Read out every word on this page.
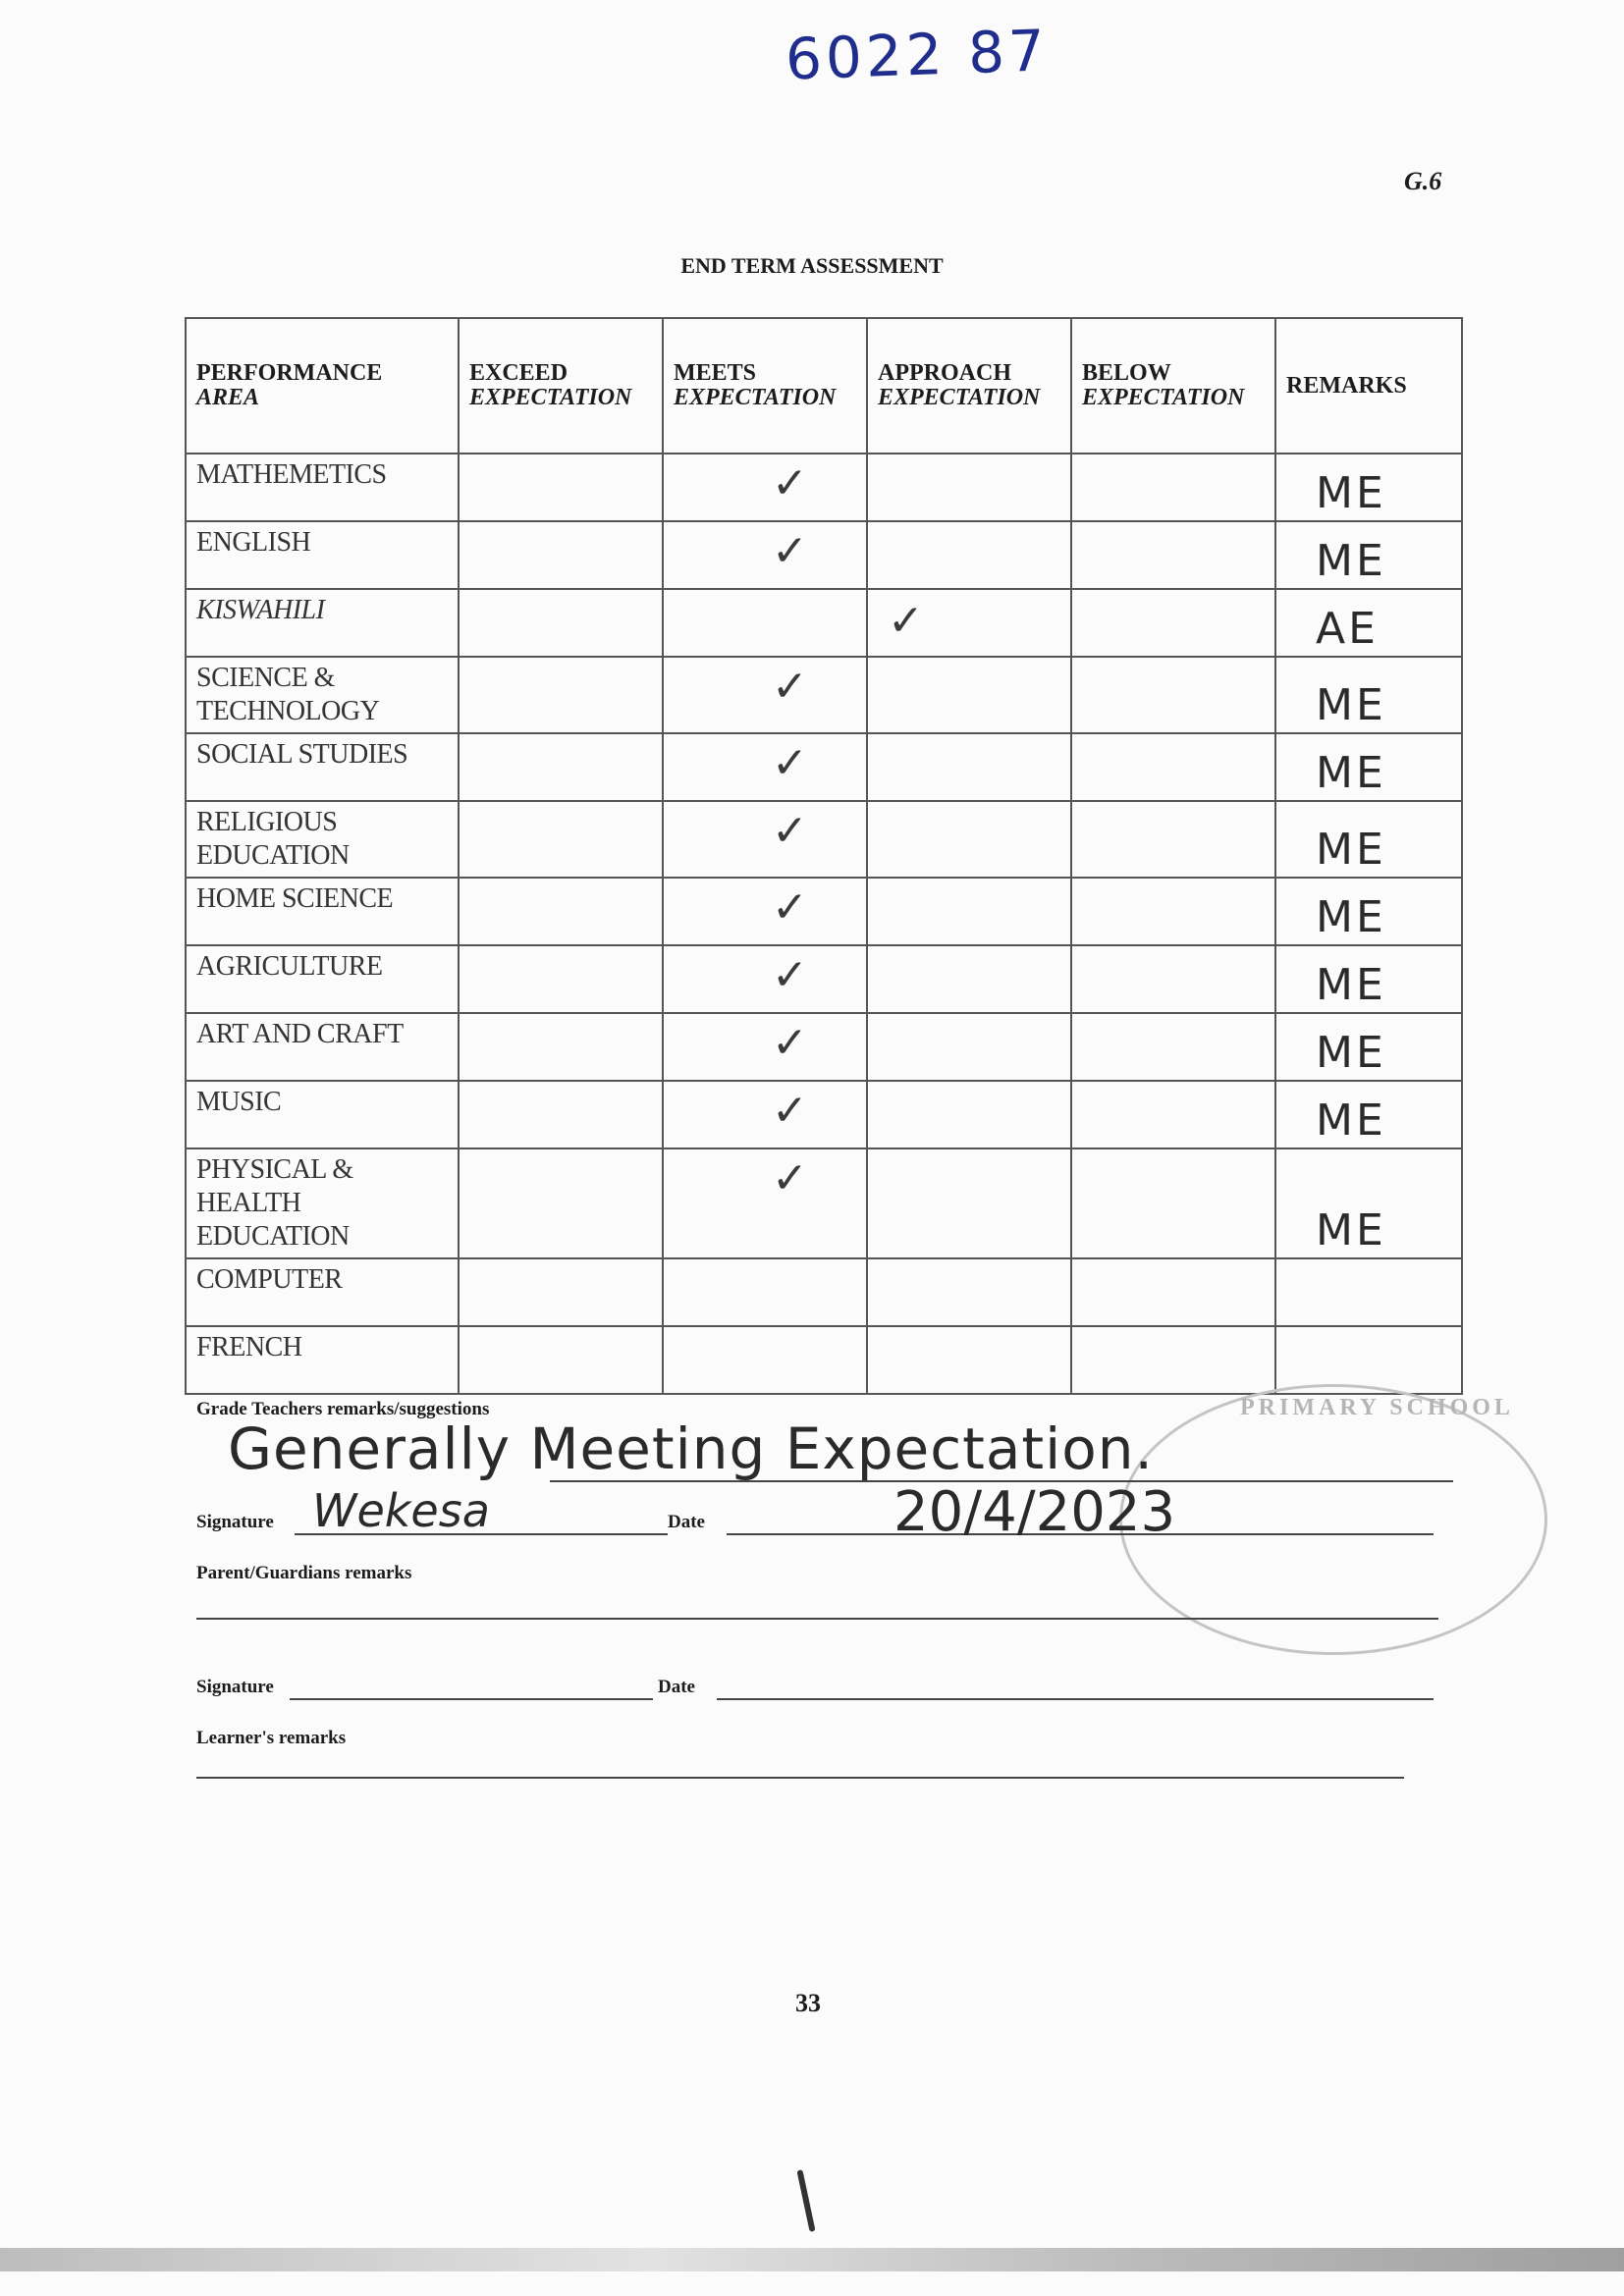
6022 87
G.6
END TERM ASSESSMENT
PERFORMANCE
AREA	EXCEED
EXPECTATION	MEETS
EXPECTATION	APPROACH
EXPECTATION	BELOW
EXPECTATION	REMARKS

MATHEMETICS		✓			ME

ENGLISH		✓			ME

KISWAHILI			✓		AE

SCIENCE & TECHNOLOGY		✓			ME

SOCIAL STUDIES		✓			ME

RELIGIOUS EDUCATION		✓			ME

HOME SCIENCE		✓			ME

AGRICULTURE		✓			ME

ART AND CRAFT		✓			ME

MUSIC		✓			ME

PHYSICAL & HEALTH EDUCATION		✓			ME

COMPUTER					
FRENCH					
PRIMARY SCHOOL
Grade Teachers remarks/suggestions
Generally Meeting Expectation.
Signature Wekesa	Date	20/4/2023
Parent/Guardians remarks
Signature	Date
Learner's remarks
33
